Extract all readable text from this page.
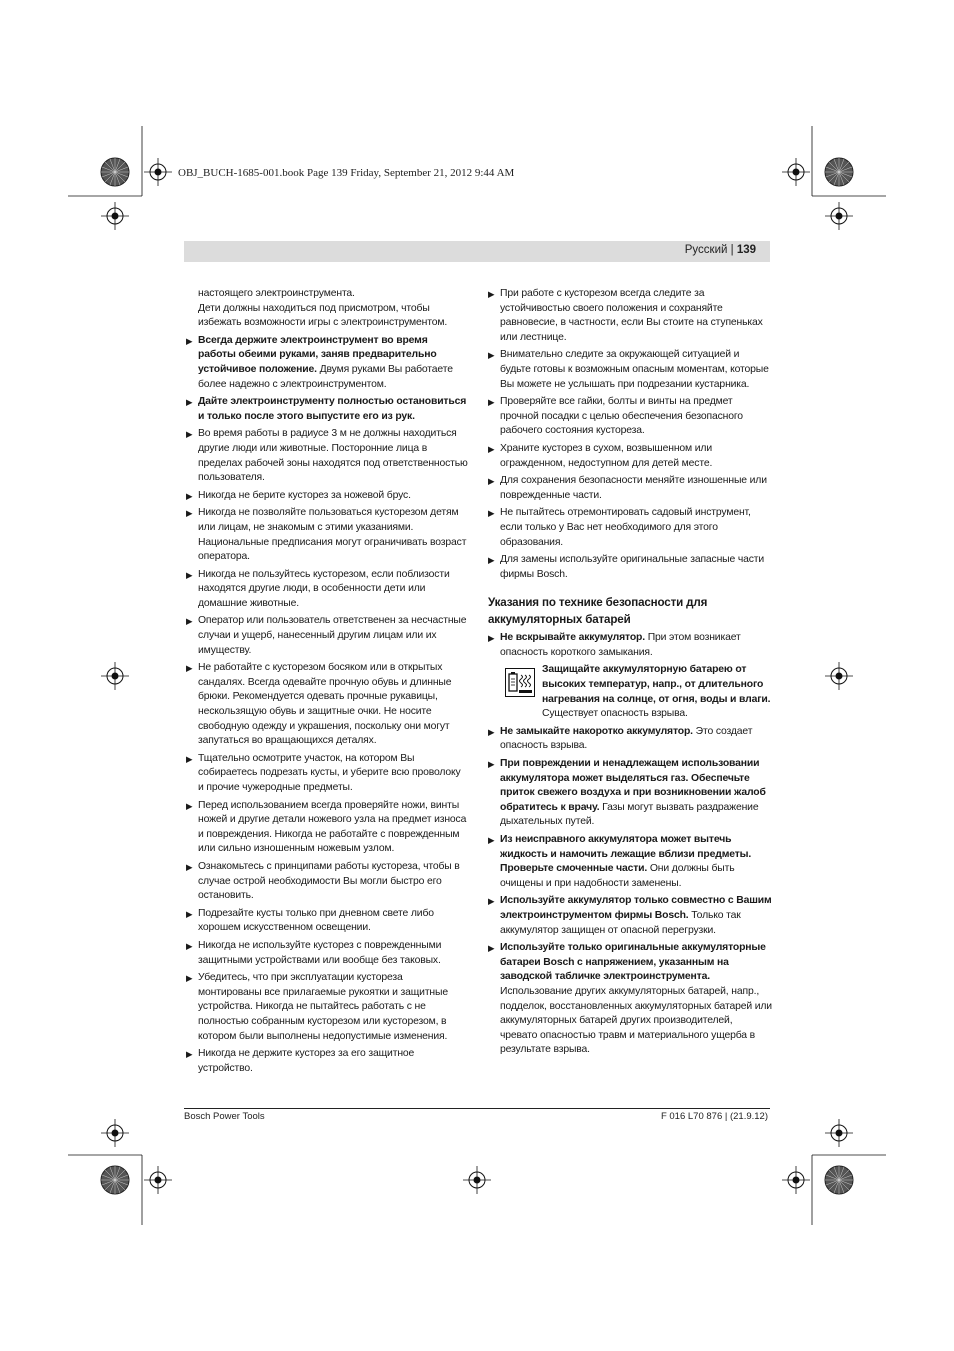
OBJ_BUCH-1685-001.book Page 139 Friday, September 21, 2012 9:44 AM
Русский | 139

настоящего электроинструмента.

Дети должны находиться под присмотром, чтобы избежать возможности игры с электроинструментом.

▶ Всегда держите электроинструмент во время работы обеими руками, заняв предварительно устойчивое положение. Двумя руками Вы работаете более надежно с электроинструментом.

▶ Дайте электроинструменту полностью остановиться и только после этого выпустите его из рук.

▶ Во время работы в радиусе 3 м не должны находиться другие люди или животные. Посторонние лица в пределах рабочей зоны находятся под ответственностью пользователя.

▶ Никогда не берите кусторез за ножевой брус.

▶ Никогда не позволяйте пользоваться кусторезом детям или лицам, не знакомым с этими указаниями. Национальные предписания могут ограничивать возраст оператора.

▶ Никогда не пользуйтесь кусторезом, если поблизости находятся другие люди, в особенности дети или домашние животные.

▶ Оператор или пользователь ответственен за несчастные случаи и ущерб, нанесенный другим лицам или их имуществу.

▶ Не работайте с кусторезом босяком или в открытых сандалях. Всегда одевайте прочную обувь и длинные брюки. Рекомендуется одевать прочные рукавицы, нескользящую обувь и защитные очки. Не носите свободную одежду и украшения, поскольку они могут запутаться во вращающихся деталях.

▶ Тщательно осмотрите участок, на котором Вы собираетесь подрезать кусты, и уберите всю проволоку и прочие чужеродные предметы.

▶ Перед использованием всегда проверяйте ножи, винты ножей и другие детали ножевого узла на предмет износа и повреждения. Никогда не работайте с поврежденным или сильно изношенным ножевым узлом.

▶ Ознакомьтесь с принципами работы кустореза, чтобы в случае острой необходимости Вы могли быстро его остановить.

▶ Подрезайте кусты только при дневном свете либо хорошем искусственном освещении.

▶ Никогда не используйте кусторез с поврежденными защитными устройствами или вообще без таковых.

▶ Убедитесь, что при эксплуатации кустореза монтированы все прилагаемые рукоятки и защитные устройства. Никогда не пытайтесь работать с не полностью собранным кусторезом или кусторезом, в котором были выполнены недопустимые изменения.

▶ Никогда не держите кусторез за его защитное устройство.

▶ При работе с кусторезом всегда следите за устойчивостью своего положения и сохраняйте равновесие, в частности, если Вы стоите на ступеньках или лестнице.

▶ Внимательно следите за окружающей ситуацией и будьте готовы к возможным опасным моментам, которые Вы можете не услышать при подрезании кустарника.

▶ Проверяйте все гайки, болты и винты на предмет прочной посадки с целью обеспечения безопасного рабочего состояния кустореза.

▶ Храните кусторез в сухом, возвышенном или огражденном, недоступном для детей месте.

▶ Для сохранения безопасности меняйте изношенные или поврежденные части.

▶ Не пытайтесь отремонтировать садовый инструмент, если только у Вас нет необходимого для этого образования.

▶ Для замены используйте оригинальные запасные части фирмы Bosch.

Указания по технике безопасности для аккумуляторных батарей

▶ Не вскрывайте аккумулятор. При этом возникает опасность короткого замыкания.

Защищайте аккумуляторную батарею от высоких температур, напр., от длительного нагревания на солнце, от огня, воды и влаги. Существует опасность взрыва.

▶ Не замыкайте накоротко аккумулятор. Это создает опасность взрыва.

▶ При повреждении и ненадлежащем использовании аккумулятора может выделяться газ. Обеспечьте приток свежего воздуха и при возникновении жалоб обратитесь к врачу. Газы могут вызвать раздражение дыхательных путей.

▶ Из неисправного аккумулятора может вытечь жидкость и намочить лежащие вблизи предметы. Проверьте смоченные части. Они должны быть очищены и при надобности заменены.

▶ Используйте аккумулятор только совместно с Вашим электроинструментом фирмы Bosch. Только так аккумулятор защищен от опасной перегрузки.

▶ Используйте только оригинальные аккумуляторные батареи Bosch с напряжением, указанным на заводской табличке электроинструмента. Использование других аккумуляторных батарей, напр., подделок, восстановленных аккумуляторных батарей или аккумуляторных батарей других производителей, чревато опасностью травм и материального ущерба в результате взрыва.

Bosch Power Tools	F 016 L70 876 | (21.9.12)
